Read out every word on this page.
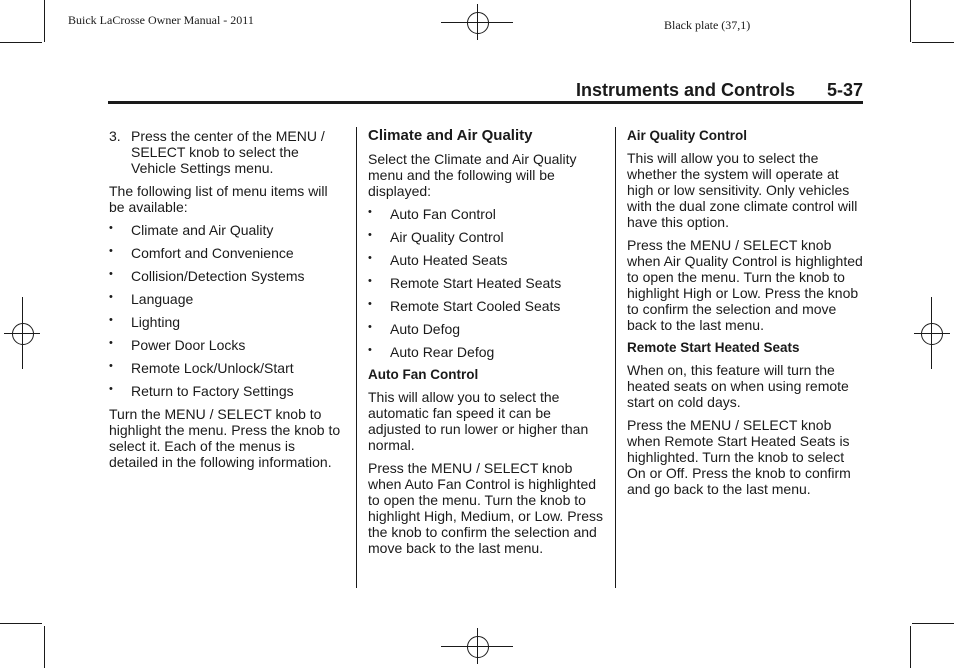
Buick LaCrosse Owner Manual - 2011	Black plate (37,1)
Instruments and Controls 5-37

3. Press the center of the MENU / SELECT knob to select the Vehicle Settings menu.

The following list of menu items will be available:

• Climate and Air Quality
• Comfort and Convenience
• Collision/Detection Systems
• Language
• Lighting
• Power Door Locks
• Remote Lock/Unlock/Start
• Return to Factory Settings

Turn the MENU / SELECT knob to highlight the menu. Press the knob to select it. Each of the menus is detailed in the following information.

Climate and Air Quality

Select the Climate and Air Quality menu and the following will be displayed:

• Auto Fan Control
• Air Quality Control
• Auto Heated Seats
• Remote Start Heated Seats
• Remote Start Cooled Seats
• Auto Defog
• Auto Rear Defog
Auto Fan Control

This will allow you to select the automatic fan speed it can be adjusted to run lower or higher than normal.

Press the MENU / SELECT knob when Auto Fan Control is highlighted to open the menu. Turn the knob to highlight High, Medium, or Low. Press the knob to confirm the selection and move back to the last menu.

Air Quality Control

This will allow you to select the whether the system will operate at high or low sensitivity. Only vehicles with the dual zone climate control will have this option.

Press the MENU / SELECT knob when Air Quality Control is highlighted to open the menu. Turn the knob to highlight High or Low. Press the knob to confirm the selection and move back to the last menu.

Remote Start Heated Seats

When on, this feature will turn the heated seats on when using remote start on cold days.

Press the MENU / SELECT knob when Remote Start Heated Seats is highlighted. Turn the knob to select On or Off. Press the knob to confirm and go back to the last menu.
